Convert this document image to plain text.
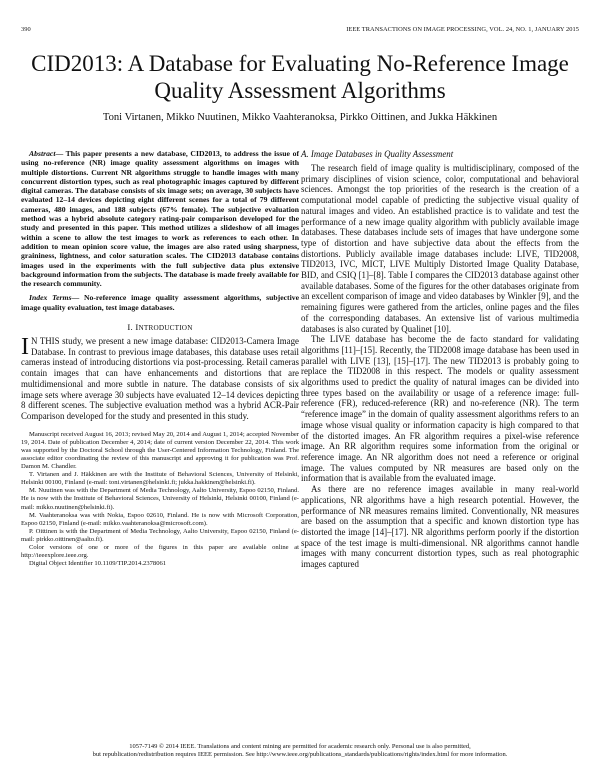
390	IEEE TRANSACTIONS ON IMAGE PROCESSING, VOL. 24, NO. 1, JANUARY 2015
CID2013: A Database for Evaluating No-Reference Image Quality Assessment Algorithms
Toni Virtanen, Mikko Nuutinen, Mikko Vaahteranoksa, Pirkko Oittinen, and Jukka Häkkinen

Abstract— This paper presents a new database, CID2013, to address the issue of using no-reference (NR) image quality assessment algorithms on images with multiple distortions. Current NR algorithms struggle to handle images with many concurrent distortion types, such as real photographic images captured by different digital cameras. The database consists of six image sets; on average, 30 subjects have evaluated 12–14 devices depicting eight different scenes for a total of 79 different cameras, 480 images, and 188 subjects (67% female). The subjective evaluation method was a hybrid absolute category rating-pair comparison developed for the study and presented in this paper. This method utilizes a slideshow of all images within a scene to allow the test images to work as references to each other. In addition to mean opinion score value, the images are also rated using sharpness, graininess, lightness, and color saturation scales. The CID2013 database contains images used in the experiments with the full subjective data plus extensive background information from the subjects. The database is made freely available for the research community.

Index Terms— No-reference image quality assessment algorithms, subjective image quality evaluation, test image databases.

I. INTRODUCTION

I N THIS study, we present a new image database: CID2013-Camera Image Database. In contrast to previous image databases, this database uses retail cameras instead of introducing distortions via post-processing. Retail cameras contain images that can have enhancements and distortions that are multidimensional and more subtle in nature. The database consists of six image sets where average 30 subjects have evaluated 12–14 devices depicting 8 different scenes. The subjective evaluation method was a hybrid ACR-Pair Comparison developed for the study and presented in this study.

Manuscript received August 16, 2013; revised May 20, 2014 and August 1, 2014; accepted November 19, 2014. Date of publication December 4, 2014; date of current version December 22, 2014. This work was supported by the Doctoral School through the User-Centered Information Technology, Finland. The associate editor coordinating the review of this manuscript and approving it for publication was Prof. Damon M. Chandler.

T. Virtanen and J. Häkkinen are with the Institute of Behavioral Sciences, University of Helsinki, Helsinki 00100, Finland (e-mail: toni.virtanen@helsinki.fi; jukka.hakkinen@helsinki.fi).

M. Nuutinen was with the Department of Media Technology, Aalto University, Espoo 02150, Finland. He is now with the Institute of Behavioral Sciences, University of Helsinki, Helsinki 00100, Finland (e-mail: mikko.nuutinen@helsinki.fi).

M. Vaahteranoksa was with Nokia, Espoo 02610, Finland. He is now with Microsoft Corporation, Espoo 02150, Finland (e-mail: mikko.vaahteranoksa@microsoft.com).

P. Oittinen is with the Department of Media Technology, Aalto University, Espoo 02150, Finland (e-mail: pirkko.oittinen@aalto.fi).

Color versions of one or more of the figures in this paper are available online at http://ieeexplore.ieee.org.

Digital Object Identifier 10.1109/TIP.2014.2378061

A. Image Databases in Quality Assessment

The research field of image quality is multidisciplinary, composed of the primary disciplines of vision science, color, computational and behavioral sciences. Amongst the top priorities of the research is the creation of a computational model capable of predicting the subjective visual quality of natural images and video. An established practice is to validate and test the performance of a new image quality algorithm with publicly available image databases. These databases include sets of images that have undergone some type of distortion and have subjective data about the effects from the distortions. Publicly available image databases include: LIVE, TID2008, TID2013, IVC, MICT, LIVE Multiply Distorted Image Quality Database, BID, and CSIQ [1]–[8]. Table I compares the CID2013 database against other available databases. Some of the figures for the other databases originate from an excellent comparison of image and video databases by Winkler [9], and the remaining figures were gathered from the articles, online pages and the files of the corresponding databases. An extensive list of various multimedia databases is also curated by Qualinet [10].

The LIVE database has become the de facto standard for validating algorithms [11]–[15]. Recently, the TID2008 image database has been used in parallel with LIVE [13], [15]–[17]. The new TID2013 is probably going to replace the TID2008 in this respect. The models or quality assessment algorithms used to predict the quality of natural images can be divided into three types based on the availability or usage of a reference image: full-reference (FR), reduced-reference (RR) and no-reference (NR). The term “reference image” in the domain of quality assessment algorithms refers to an image whose visual quality or information capacity is high compared to that of the distorted images. An FR algorithm requires a pixel-wise reference image. An RR algorithm requires some information from the original or reference image. An NR algorithm does not need a reference or original image. The values computed by NR measures are based only on the information that is available from the evaluated image.

As there are no reference images available in many real-world applications, NR algorithms have a high research potential. However, the performance of NR measures remains limited. Conventionally, NR measures are based on the assumption that a specific and known distortion type has distorted the image [14]–[17]. NR algorithms perform poorly if the distortion space of the test image is multi-dimensional. NR algorithms cannot handle images with many concurrent distortion types, such as real photographic images captured

1057-7149 © 2014 IEEE. Translations and content mining are permitted for academic research only. Personal use is also permitted,
but republication/redistribution requires IEEE permission. See http://www.ieee.org/publications_standards/publications/rights/index.html for more information.
